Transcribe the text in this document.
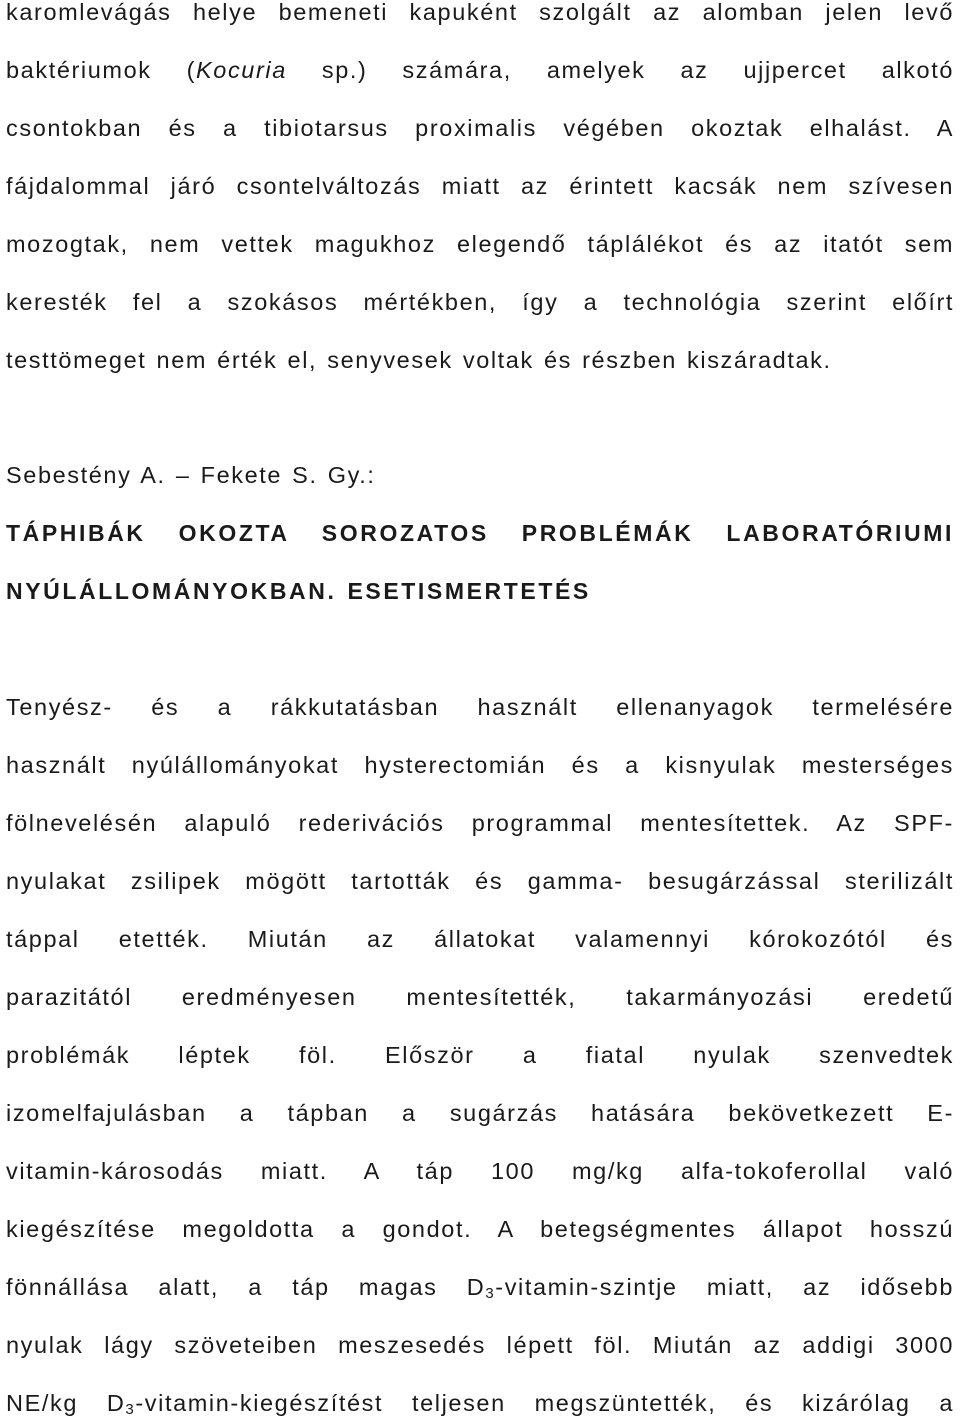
karomlevágás helye bemeneti kapuként szolgált az alomban jelen levő
baktériumok (Kocuria sp.) számára, amelyek az ujjpercet alkotó
csontokban és a tibiotarsus proximalis végében okoztak elhalást. A
fájdalommal járó csontelváltozás miatt az érintett kacsák nem szívesen
mozogtak, nem vettek magukhoz elegendő táplálékot és az itatót sem
keresték fel a szokásos mértékben, így a technológia szerint előírt
testtömeget nem érték el, senyvesek voltak és részben kiszáradtak.
Sebestény A. – Fekete S. Gy.:
TÁPHIBÁK OKOZTA SOROZATOS PROBLÉMÁK LABORATÓRIUMI
NYÚLÁLLOMÁNYOKBAN. ESETISMERTETÉS
Tenyész- és a rákkutatásban használt ellenanyagok termelésére
használt nyúlállományokat hysterectomián és a kisnyulak mesterséges
fölnevelésén alapuló rederivációs programmal mentesítettek. Az SPF-
nyulakat zsilipek mögött tartották és gamma- besugárzással sterilizált
táppal etették. Miután az állatokat valamennyi kórokozótól és
parazitától eredményesen mentesítették, takarmányozási eredetű
problémák léptek föl. Először a fiatal nyulak szenvedtek
izomelfajulásban a tápban a sugárzás hatására bekövetkezett E-
vitamin-károsodás miatt. A táp 100 mg/kg alfa-tokoferollal való
kiegészítése megoldotta a gondot. A betegségmentes állapot hosszú
fönnállása alatt, a táp magas $D_3-vitamin$-szintje miatt, az idősebb
nyulak lágy szöveteiben meszesedés lépett föl. Miután az addigi 3000
NE/kg $D_3-vitamin$-kiegészítést teljesen megszüntették, és kizárólag a
